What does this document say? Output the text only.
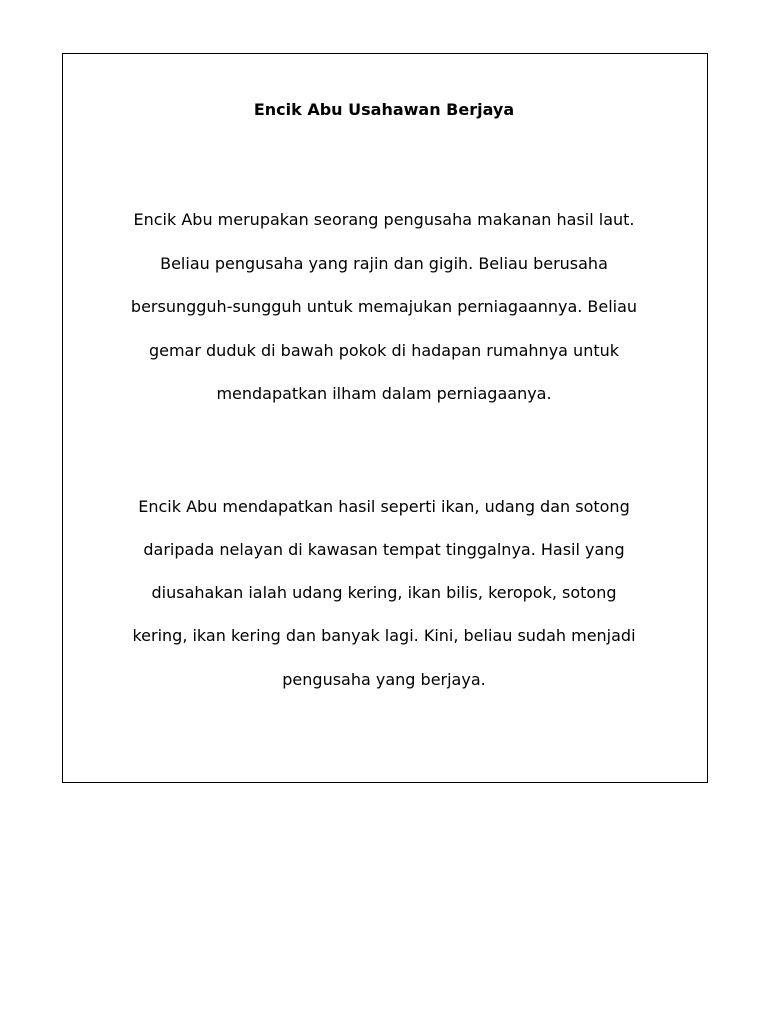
Encik Abu Usahawan Berjaya
Encik Abu merupakan seorang pengusaha makanan hasil laut.
Beliau pengusaha yang rajin dan gigih. Beliau berusaha
bersungguh-sungguh untuk memajukan perniagaannya. Beliau
gemar duduk di bawah pokok di hadapan rumahnya untuk
mendapatkan ilham dalam perniagaanya.
Encik Abu mendapatkan hasil seperti ikan, udang dan sotong
daripada nelayan di kawasan tempat tinggalnya. Hasil yang
diusahakan ialah udang kering, ikan bilis, keropok, sotong
kering, ikan kering dan banyak lagi. Kini, beliau sudah menjadi
pengusaha yang berjaya.
